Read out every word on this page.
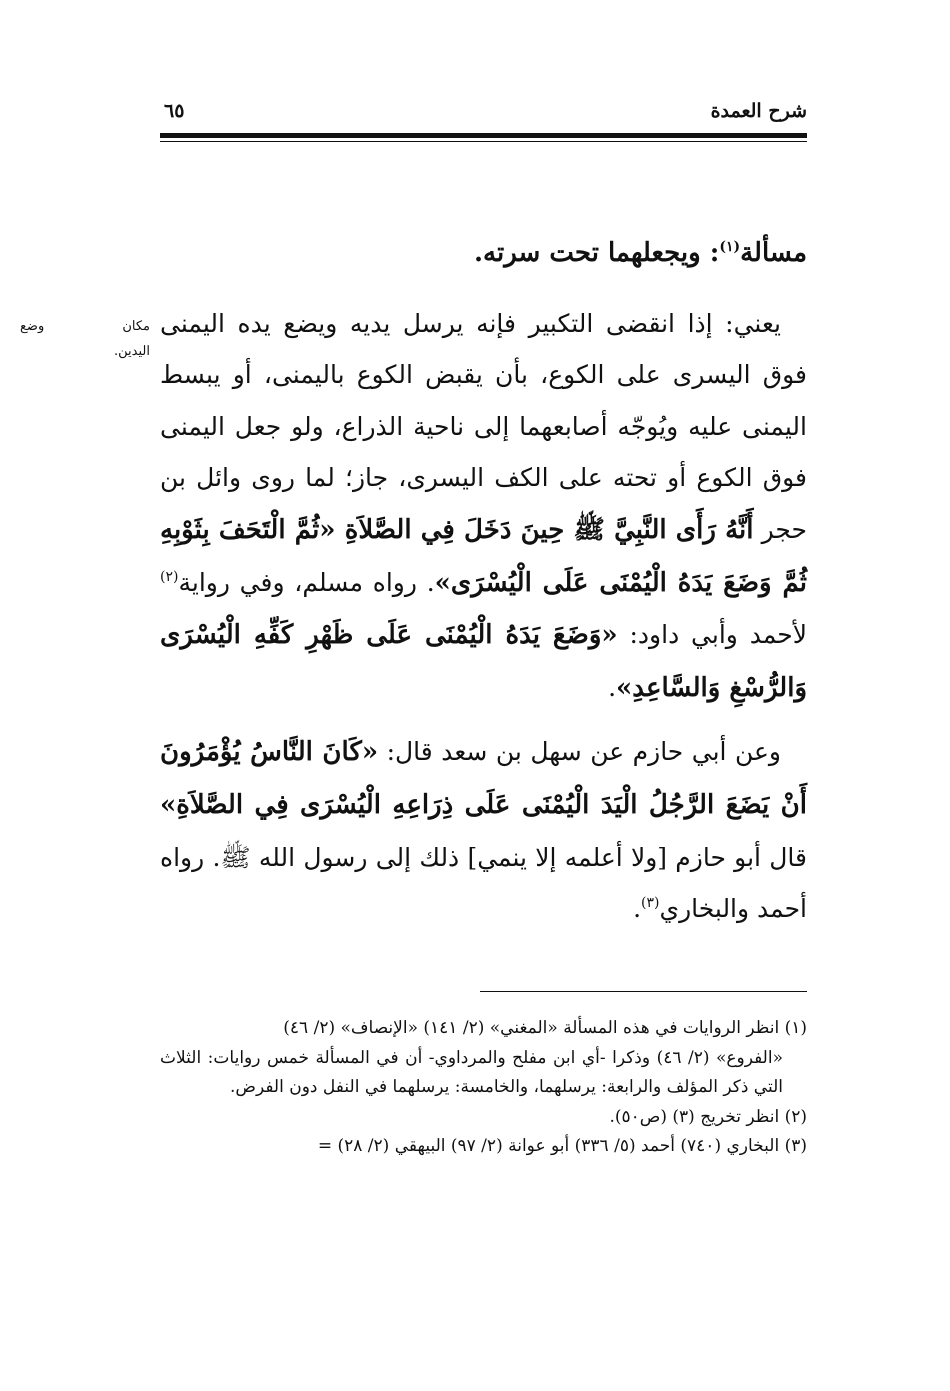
شرح العمدة
٦٥
مكان وضع
اليدين.

مسألة$^{(١)}$: ويجعلهما تحت سرته.

يعني: إذا انقضى التكبير فإنه يرسل يديه ويضع يده اليمنى فوق اليسرى على الكوع، بأن يقبض الكوع باليمنى، أو يبسط اليمنى عليه ويُوجّه أصابعهما إلى ناحية الذراع، ولو جعل اليمنى فوق الكوع أو تحته على الكف اليسرى، جاز؛ لما روى وائل بن حجر أَنَّهُ رَأَى النَّبِيَّ ﷺ حِينَ دَخَلَ فِي الصَّلاَةِ «ثُمَّ الْتَحَفَ بِثَوْبِهِ ثُمَّ وَضَعَ يَدَهُ الْيُمْنَى عَلَى الْيُسْرَى». رواه مسلم، وفي رواية$^{(٢)}$ لأحمد وأبي داود: «وَضَعَ يَدَهُ الْيُمْنَى عَلَى ظَهْرِ كَفِّهِ الْيُسْرَى وَالرُّسْغِ وَالسَّاعِدِ».

وعن أبي حازم عن سهل بن سعد قال: «كَانَ النَّاسُ يُؤْمَرُونَ أَنْ يَضَعَ الرَّجُلُ الْيَدَ الْيُمْنَى عَلَى ذِرَاعِهِ الْيُسْرَى فِي الصَّلاَةِ» قال أبو حازم [ولا أعلمه إلا ينمي] ذلك إلى رسول الله ﷺ. رواه أحمد والبخاري$^{(٣)}$.

(١) انظر الروايات في هذه المسألة «المغني» (٢/ ١٤١) «الإنصاف» (٢/ ٤٦)

«الفروع» (٢/ ٤٦) وذكرا -أي ابن مفلح والمرداوي- أن في المسألة خمس روايات: الثلاث التي ذكر المؤلف والرابعة: يرسلهما، والخامسة: يرسلهما في النفل دون الفرض.

(٢) انظر تخريج (٣) (ص٥٠).

(٣) البخاري (٧٤٠) أحمد (٥/ ٣٣٦) أبو عوانة (٢/ ٩٧) البيهقي (٢/ ٢٨) =
